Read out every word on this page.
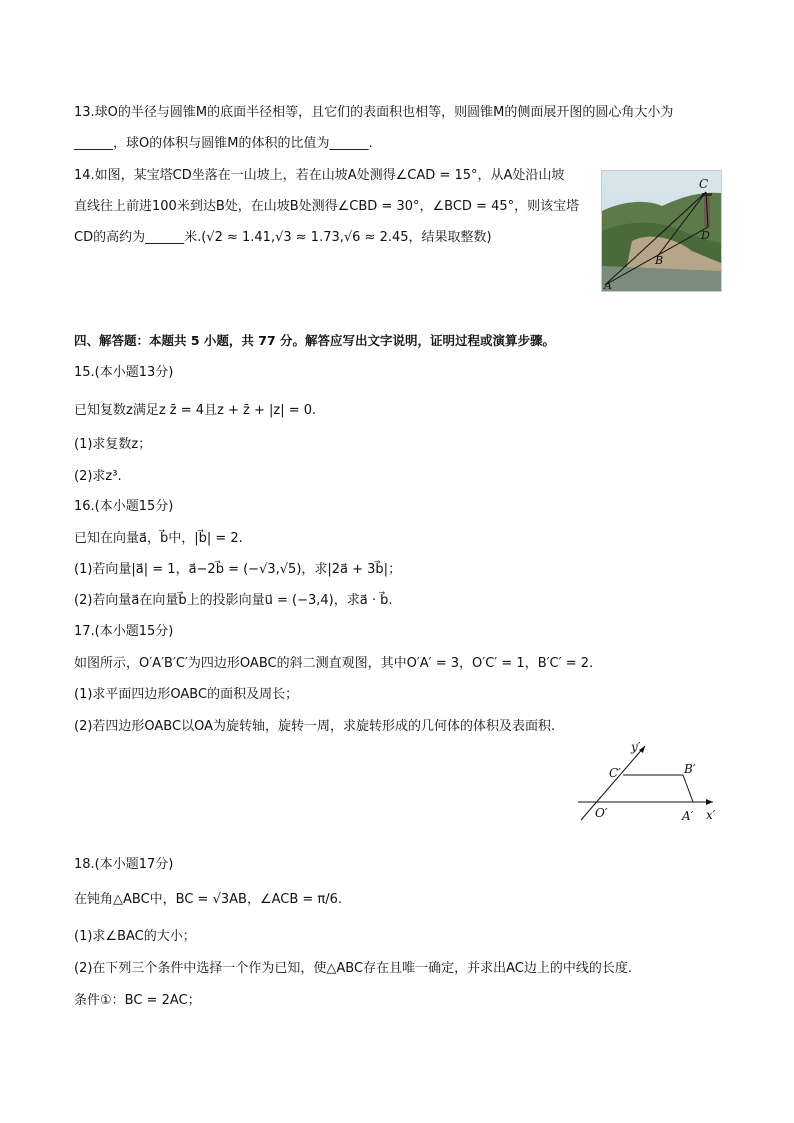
13.球O的半径与圆锥M的底面半径相等，且它们的表面积也相等，则圆锥M的侧面展开图的圆心角大小为
______，球O的体积与圆锥M的体积的比值为______.
14.如图，某宝塔CD坐落在一山坡上，若在山坡A处测得∠CAD = 15°，从A处沿山坡
直线往上前进100米到达B处，在山坡B处测得∠CBD = 30°，∠BCD = 45°，则该宝塔
CD的高约为______米.(√2 ≈ 1.41,√3 ≈ 1.73,√6 ≈ 2.45，结果取整数)
C
D
B
A
四、解答题：本题共 5 小题，共 77 分。解答应写出文字说明，证明过程或演算步骤。
15.(本小题13分)
已知复数z满足z z̄ = 4且z + z̄ + |z| = 0.
(1)求复数z；
(2)求z³.
16.(本小题15分)
已知在向量a⃗，b⃗中，|b⃗| = 2.
(1)若向量|a⃗| = 1，a⃗−2b⃗ = (−√3,√5)，求|2a⃗ + 3b⃗|；
(2)若向量a⃗在向量b⃗上的投影向量u⃗ = (−3,4)，求a⃗ · b⃗.
17.(本小题15分)
如图所示，O′A′B′C′为四边形OABC的斜二测直观图，其中O′A′ = 3，O′C′ = 1，B′C′ = 2.
(1)求平面四边形OABC的面积及周长；
(2)若四边形OABC以OA为旋转轴，旋转一周，求旋转形成的几何体的体积及表面积.
y′
C′	B′
O′	A′ x′
18.(本小题17分)
在钝角△ABC中，BC = √3AB，∠ACB = π/6.
(1)求∠BAC的大小；
(2)在下列三个条件中选择一个作为已知，使△ABC存在且唯一确定，并求出AC边上的中线的长度.
条件①：BC = 2AC；
